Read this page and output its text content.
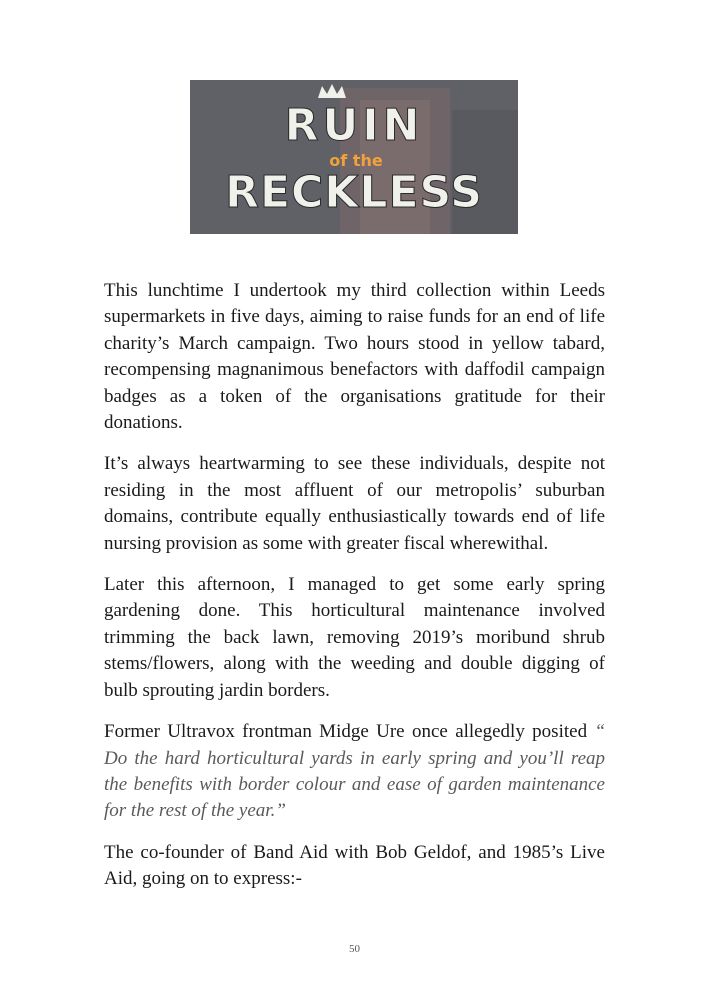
RUIN
of the
RECKLESS

This lunchtime I undertook my third collection within Leeds supermarkets in five days, aiming to raise funds for an end of life charity’s March campaign. Two hours stood in yellow tabard, recompensing magnanimous benefactors with daffodil campaign badges as a token of the organisations gratitude for their donations.

It’s always heartwarming to see these individuals, despite not residing in the most affluent of our metropolis’ suburban domains, contribute equally enthusiastically towards end of life nursing provision as some with greater fiscal wherewithal.

Later this afternoon, I managed to get some early spring gardening done. This horticultural maintenance involved trimming the back lawn, removing 2019’s moribund shrub stems/flowers, along with the weeding and double digging of bulb sprouting jardin borders.

Former Ultravox frontman Midge Ure once allegedly posited “ Do the hard horticultural yards in early spring and you’ll reap the benefits with border colour and ease of garden maintenance for the rest of the year.”

The co-founder of Band Aid with Bob Geldof, and 1985’s Live Aid, going on to express:-

50
